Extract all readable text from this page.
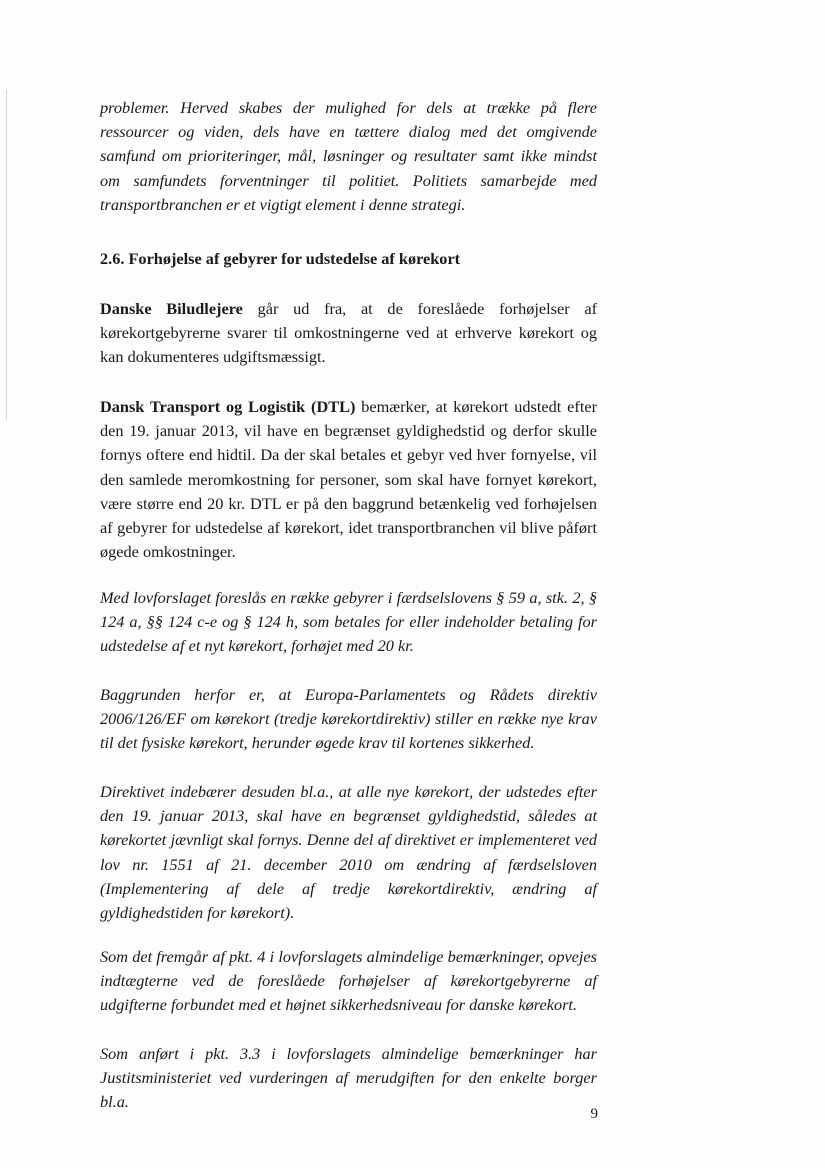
problemer. Herved skabes der mulighed for dels at trække på flere ressourcer og viden, dels have en tættere dialog med det omgivende samfund om prioriteringer, mål, løsninger og resultater samt ikke mindst om samfundets forventninger til politiet. Politiets samarbejde med transportbranchen er et vigtigt element i denne strategi.

2.6. Forhøjelse af gebyrer for udstedelse af kørekort

Danske Biludlejere går ud fra, at de foreslåede forhøjelser af kørekortgebyrerne svarer til omkostningerne ved at erhverve kørekort og kan dokumenteres udgiftsmæssigt.

Dansk Transport og Logistik (DTL) bemærker, at kørekort udstedt efter den 19. januar 2013, vil have en begrænset gyldighedstid og derfor skulle fornys oftere end hidtil. Da der skal betales et gebyr ved hver fornyelse, vil den samlede meromkostning for personer, som skal have fornyet kørekort, være større end 20 kr. DTL er på den baggrund betænkelig ved forhøjelsen af gebyrer for udstedelse af kørekort, idet transportbranchen vil blive påført øgede omkostninger.

Med lovforslaget foreslås en række gebyrer i færdselslovens § 59 a, stk. 2, § 124 a, §§ 124 c-e og § 124 h, som betales for eller indeholder betaling for udstedelse af et nyt kørekort, forhøjet med 20 kr.

Baggrunden herfor er, at Europa-Parlamentets og Rådets direktiv 2006/126/EF om kørekort (tredje kørekortdirektiv) stiller en række nye krav til det fysiske kørekort, herunder øgede krav til kortenes sikkerhed.

Direktivet indebærer desuden bl.a., at alle nye kørekort, der udstedes efter den 19. januar 2013, skal have en begrænset gyldighedstid, således at kørekortet jævnligt skal fornys. Denne del af direktivet er implementeret ved lov nr. 1551 af 21. december 2010 om ændring af færdselsloven (Implementering af dele af tredje kørekortdirektiv, ændring af gyldighedstiden for kørekort).

Som det fremgår af pkt. 4 i lovforslagets almindelige bemærkninger, opvejes indtægterne ved de foreslåede forhøjelser af kørekortgebyrerne af udgifterne forbundet med et højnet sikkerhedsniveau for danske kørekort.

Som anført i pkt. 3.3 i lovforslagets almindelige bemærkninger har Justitsministeriet ved vurderingen af merudgiften for den enkelte borger bl.a.

9
